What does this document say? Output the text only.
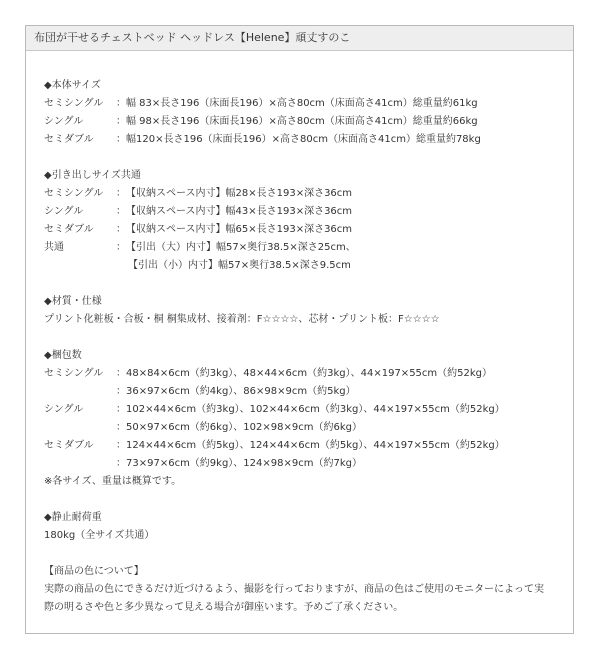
布団が干せるチェストベッド ヘッドレス【Helene】頑丈すのこ
◆本体サイズ
セミシングル	： 幅 83×長さ196（床面長196）×高さ80cm（床面高さ41cm）総重量約61kg
シングル	： 幅 98×長さ196（床面長196）×高さ80cm（床面高さ41cm）総重量約66kg
セミダブル	： 幅120×長さ196（床面長196）×高さ80cm（床面高さ41cm）総重量約78kg
◆引き出しサイズ共通
セミシングル	： 【収納スペース内寸】幅28×長さ193×深さ36cm
シングル	： 【収納スペース内寸】幅43×長さ193×深さ36cm
セミダブル	： 【収納スペース内寸】幅65×長さ193×深さ36cm
共通	： 【引出（大）内寸】幅57×奥行38.5×深さ25cm、
【引出（小）内寸】幅57×奥行38.5×深さ9.5cm
◆材質・仕様
プリント化粧板・合板・桐 桐集成材、接着剤：F☆☆☆☆、芯材・プリント板：F☆☆☆☆
◆梱包数
セミシングル	： 48×84×6cm（約3kg）、48×44×6cm（約3kg）、44×197×55cm（約52kg）
： 36×97×6cm（約4kg）、86×98×9cm（約5kg）
シングル	： 102×44×6cm（約3kg）、102×44×6cm（約3kg）、44×197×55cm（約52kg）
： 50×97×6cm（約6kg）、102×98×9cm（約6kg）
セミダブル	： 124×44×6cm（約5kg）、124×44×6cm（約5kg）、44×197×55cm（約52kg）
： 73×97×6cm（約9kg）、124×98×9cm（約7kg）
※各サイズ、重量は概算です。
◆静止耐荷重
180kg（全サイズ共通）
【商品の色について】
実際の商品の色にできるだけ近づけるよう、撮影を行っておりますが、商品の色はご使用のモニターによって実際の明るさや色と多少異なって見える場合が御座います。予めご了承ください。
